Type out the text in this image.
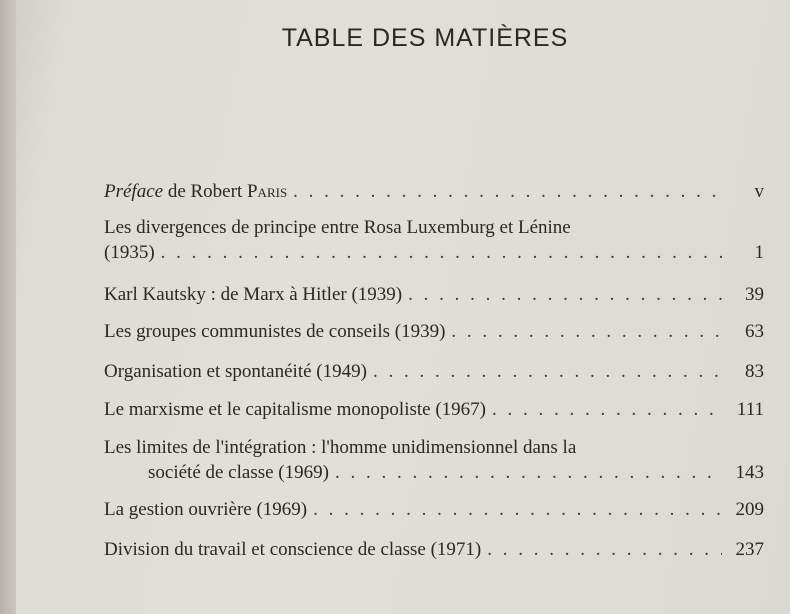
TABLE DES MATIÈRES
Préface de Robert Paris . . .	v
Les divergences de principe entre Rosa Luxemburg et Lénine
(1935) . . .	1
Karl Kautsky : de Marx à Hitler (1939) . . .	39
Les groupes communistes de conseils (1939) . . .	63
Organisation et spontanéité (1949) . . .	83
Le marxisme et le capitalisme monopoliste (1967) . . .	111
Les limites de l'intégration : l'homme unidimensionnel dans la
société de classe (1969) . . .	143
La gestion ouvrière (1969) . . .	209
Division du travail et conscience de classe (1971) . . .	237
